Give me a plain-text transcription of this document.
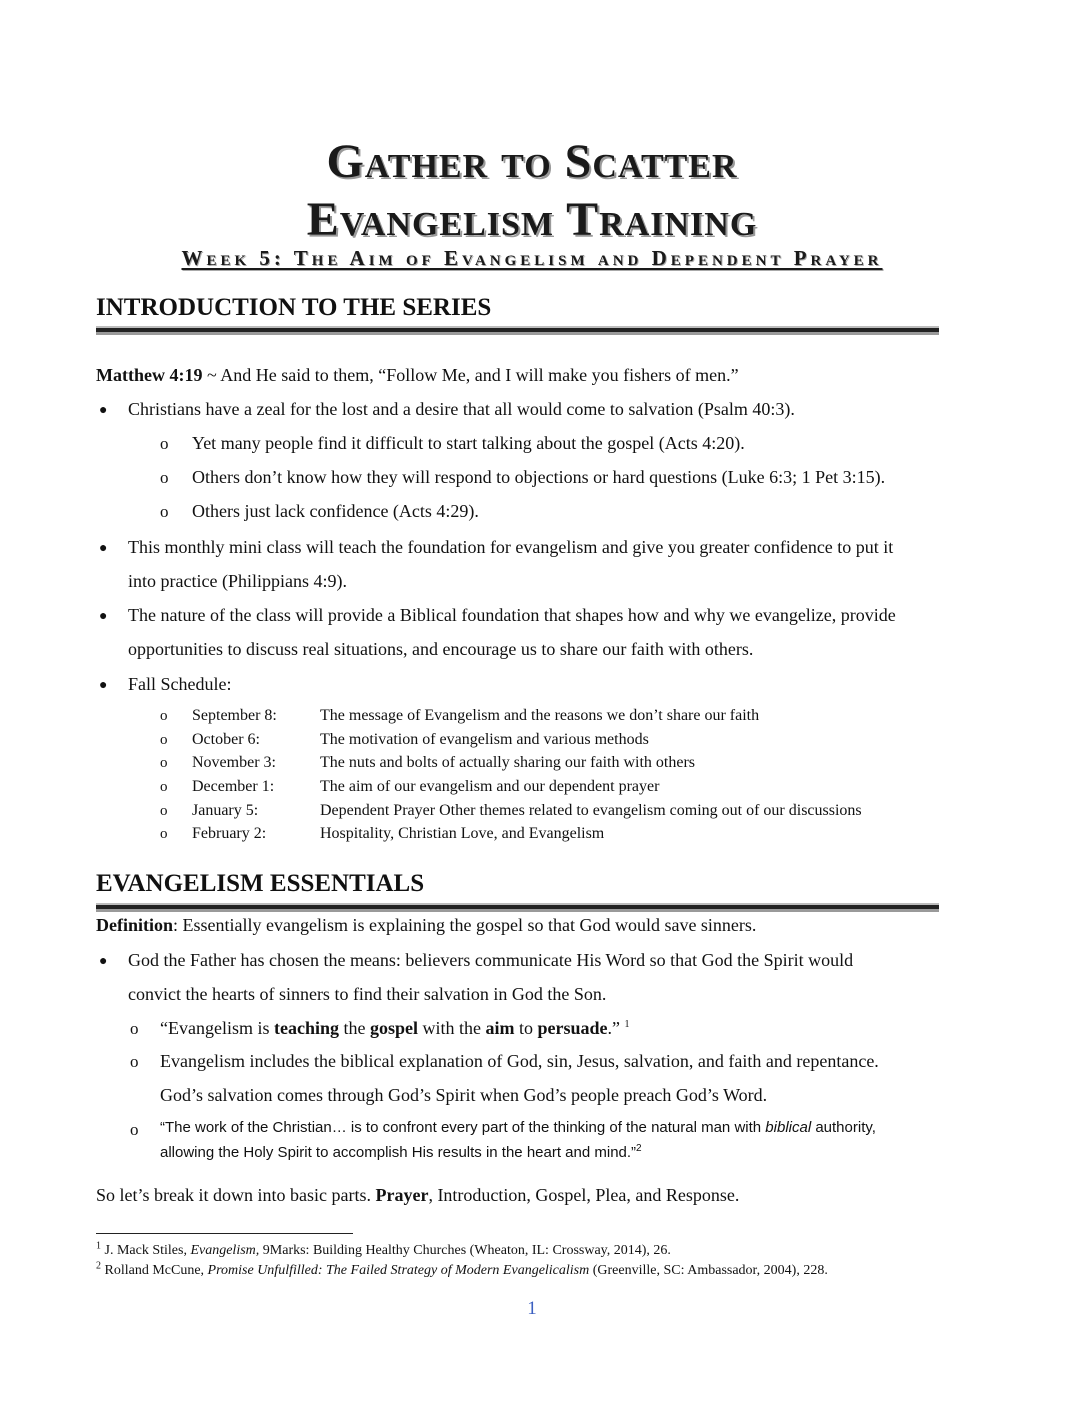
Gather to Scatter
Evangelism Training
Week 5: The Aim of Evangelism and Dependent Prayer
INTRODUCTION TO THE SERIES
Matthew 4:19 ~ And He said to them, “Follow Me, and I will make you fishers of men.”
● Christians have a zeal for the lost and a desire that all would come to salvation (Psalm 40:3).
o Yet many people find it difficult to start talking about the gospel (Acts 4:20).
o Others don’t know how they will respond to objections or hard questions (Luke 6:3; 1 Pet 3:15).
o Others just lack confidence (Acts 4:29).
● This monthly mini class will teach the foundation for evangelism and give you greater confidence to put it
into practice (Philippians 4:9).
● The nature of the class will provide a Biblical foundation that shapes how and why we evangelize, provide
opportunities to discuss real situations, and encourage us to share our faith with others.
● Fall Schedule:
o September 8:	The message of Evangelism and the reasons we don’t share our faith
o October 6:	The motivation of evangelism and various methods
o November 3:	The nuts and bolts of actually sharing our faith with others
o December 1:	The aim of our evangelism and our dependent prayer
o January 5:	Dependent Prayer Other themes related to evangelism coming out of our discussions
o February 2:	Hospitality, Christian Love, and Evangelism
EVANGELISM ESSENTIALS
Definition: Essentially evangelism is explaining the gospel so that God would save sinners.
● God the Father has chosen the means: believers communicate His Word so that God the Spirit would
convict the hearts of sinners to find their salvation in God the Son.
o “Evangelism is teaching the gospel with the aim to persuade.” $^1$
o Evangelism includes the biblical explanation of God, sin, Jesus, salvation, and faith and repentance.
God’s salvation comes through God’s Spirit when God’s people preach God’s Word.
o “The work of the Christian… is to confront every part of the thinking of the natural man with biblical authority,
allowing the Holy Spirit to accomplish His results in the heart and mind.”$^2$
So let’s break it down into basic parts. Prayer, Introduction, Gospel, Plea, and Response.
$^1$ J. Mack Stiles, Evangelism, 9Marks: Building Healthy Churches (Wheaton, IL: Crossway, 2014), 26.
$^2$ Rolland McCune, Promise Unfulfilled: The Failed Strategy of Modern Evangelicalism (Greenville, SC: Ambassador, 2004), 228.
1
